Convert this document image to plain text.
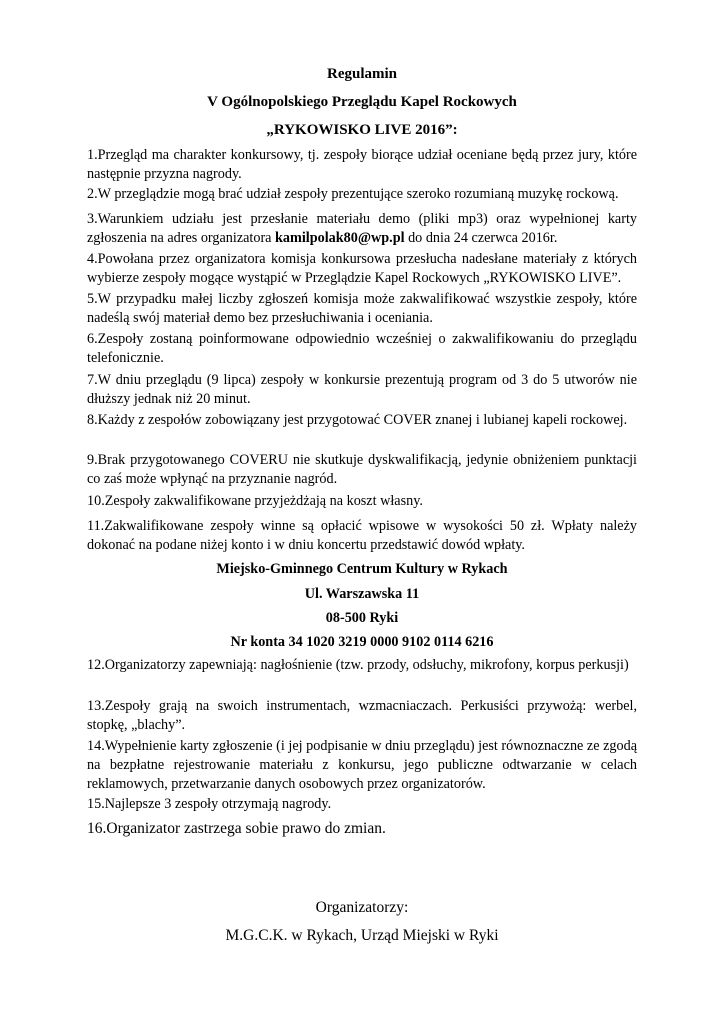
Regulamin
V Ogólnopolskiego Przeglądu Kapel Rockowych
„RYKOWISKO LIVE 2016”:
1.Przegląd ma charakter konkursowy, tj. zespoły biorące udział oceniane będą przez jury, które następnie przyzna nagrody.
2.W przeglądzie mogą brać udział zespoły prezentujące szeroko rozumianą muzykę rockową.
3.Warunkiem udziału jest przesłanie materiału demo (pliki mp3) oraz wypełnionej karty zgłoszenia na adres organizatora kamilpolak80@wp.pl do dnia 24 czerwca 2016r.
4.Powołana przez organizatora komisja konkursowa przesłucha nadesłane materiały z których wybierze zespoły mogące wystąpić w Przeglądzie Kapel Rockowych „RYKOWISKO LIVE”.
5.W przypadku małej liczby zgłoszeń komisja może zakwalifikować wszystkie zespoły, które nadeślą swój materiał demo bez przesłuchiwania i oceniania.
6.Zespoły zostaną poinformowane odpowiednio wcześniej o zakwalifikowaniu do przeglądu telefonicznie.
7.W dniu przeglądu (9 lipca) zespoły w konkursie prezentują program od 3 do 5 utworów nie dłuższy jednak niż 20 minut.
8.Każdy z zespołów zobowiązany jest przygotować COVER znanej i lubianej kapeli rockowej.
9.Brak przygotowanego COVERU nie skutkuje dyskwalifikacją, jedynie obniżeniem punktacji co zaś może wpłynąć na przyznanie nagród.
10.Zespoły zakwalifikowane przyjeżdżają na koszt własny.
11.Zakwalifikowane zespoły winne są opłacić wpisowe w wysokości 50 zł. Wpłaty należy dokonać na podane niżej konto i w dniu koncertu przedstawić dowód wpłaty.
Miejsko-Gminnego Centrum Kultury w Rykach
Ul. Warszawska 11
08-500 Ryki
Nr konta 34 1020 3219 0000 9102 0114 6216
12.Organizatorzy zapewniają: nagłośnienie (tzw. przody, odsłuchy, mikrofony, korpus perkusji)
13.Zespoły grają na swoich instrumentach, wzmacniaczach. Perkusiści przywożą: werbel, stopkę, „blachy”.
14.Wypełnienie karty zgłoszenie (i jej podpisanie w dniu przeglądu) jest równoznaczne ze zgodą na bezpłatne rejestrowanie materiału z konkursu, jego publiczne odtwarzanie w celach reklamowych, przetwarzanie danych osobowych przez organizatorów.
15.Najlepsze 3 zespoły otrzymają nagrody.
16.Organizator zastrzega sobie prawo do zmian.
Organizatorzy:
M.G.C.K. w Rykach, Urząd Miejski w Ryki
